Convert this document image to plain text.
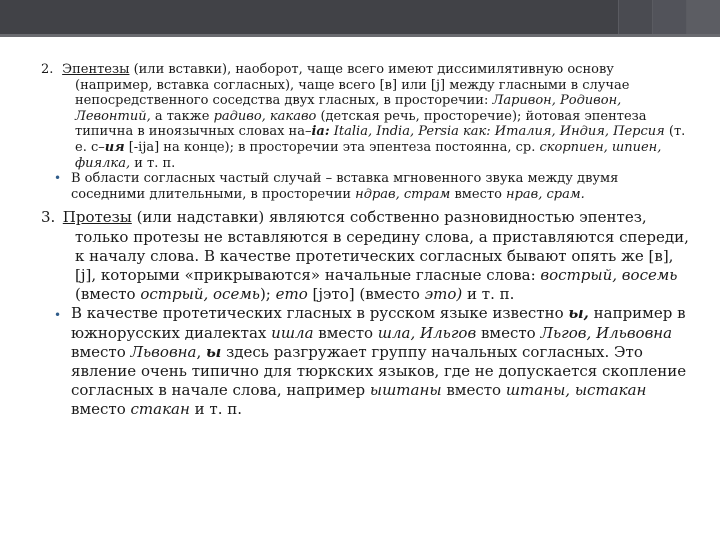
2. Эпентезы (или вставки), наоборот, чаще всего имеют диссимилятивную основу (например, вставка согласных), чаще всего [в] или [j] между гласными в случае непосредственного соседства двух гласных, в просторечии: Ларивон, Родивон, Левонтий, а также радиво, какаво (детская речь, просторечие); йотовая эпентеза типична в иноязычных словах на–ia: Italia, India, Persia как: Италия, Индия, Персия (т. е. с–ия [-ija] на конце); в просторечии эта эпентеза постоянна, ср. скорпиен, шпиен, фиялка, и т. п.
• В области согласных частый случай – вставка мгновенного звука между двумя соседними длительными, в просторечии ндрав, страм вместо нрав, срам.
3. Протезы (или надставки) являются собственно разновидностью эпентез, только протезы не вставляются в середину слова, а приставляются спереди, к началу слова. В качестве протетических согласных бывают опять же [в], [j], которыми «прикрываются» начальные гласные слова: вострый, восемь (вместо острый, осемь); ето [jэто] (вместо это) и т. п.
• В качестве протетических гласных в русском языке известно ы, например в южнорусских диалектах ишла вместо шла, Ильгов вместо Льгов, Ильвовна вместо Львовна, ы здесь разгружает группу начальных согласных. Это явление очень типично для тюркских языков, где не допускается скопление согласных в начале слова, например ыштаны вместо штаны, ыстакан вместо стакан и т. п.
